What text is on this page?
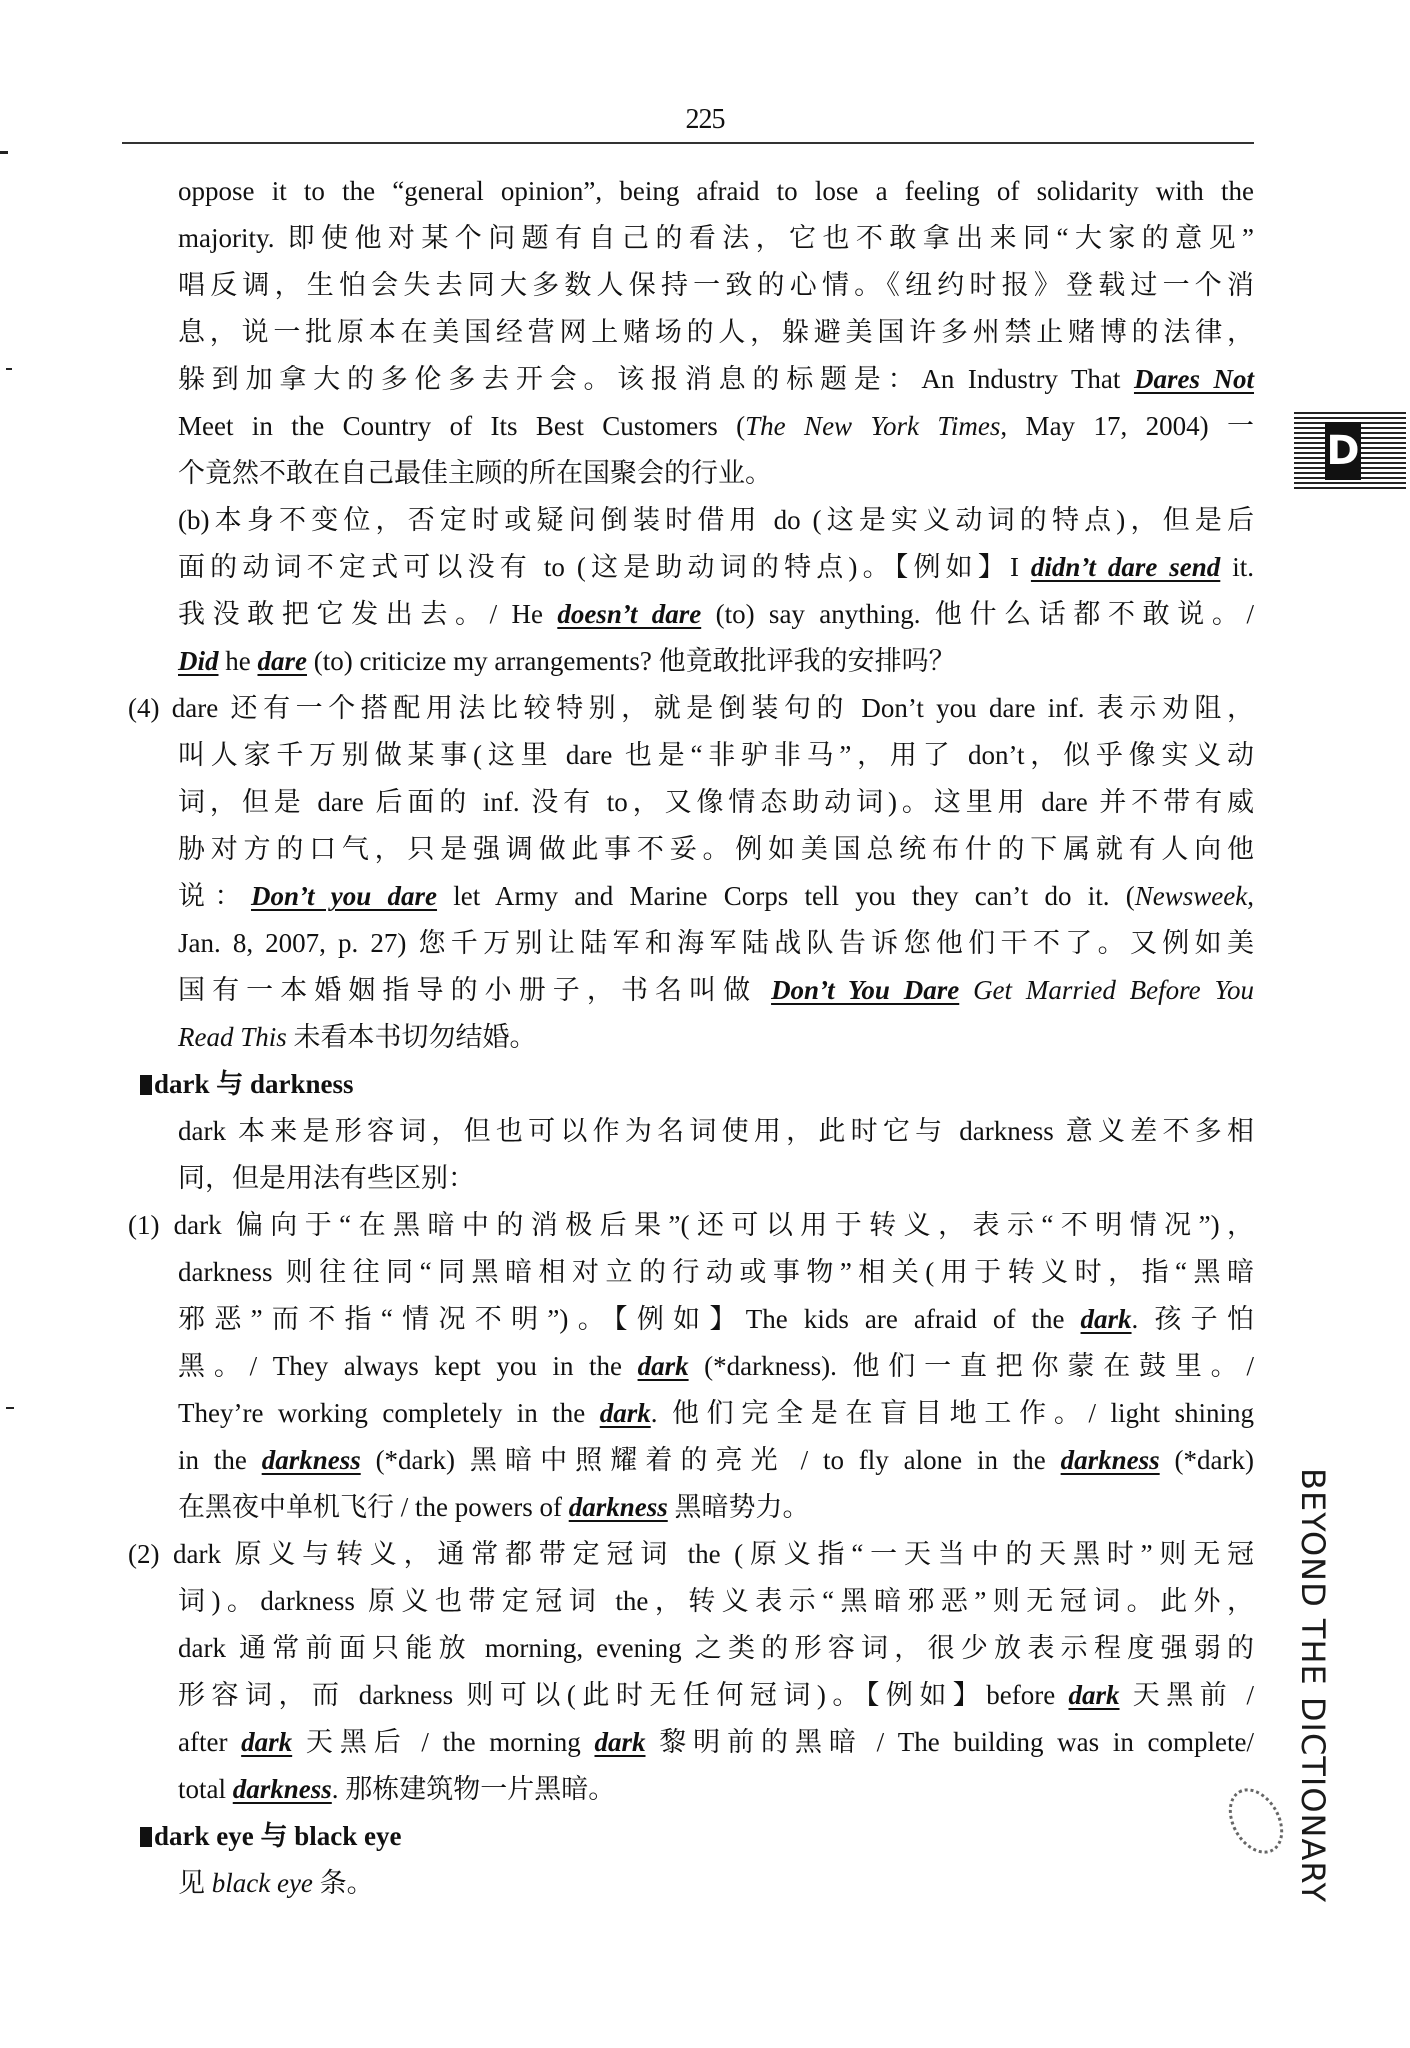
225
D
BEYOND THE DICTIONARY
oppose it to the “general opinion”, being afraid to lose a feeling of solidarity with the
majority. 即使他对某个问题有自己的看法，它也不敢拿出来同“大家的意见”
唱反调，生怕会失去同大多数人保持一致的心情。《纽约时报》登载过一个消
息，说一批原本在美国经营网上赌场的人，躲避美国许多州禁止赌博的法律，
躲到加拿大的多伦多去开会。该报消息的标题是：An Industry That Dares Not
Meet in the Country of Its Best Customers (The New York Times, May 17, 2004) 一
个竟然不敢在自己最佳主顾的所在国聚会的行业。
(b)本身不变位，否定时或疑问倒装时借用 do (这是实义动词的特点)，但是后
面的动词不定式可以没有 to (这是助动词的特点)。【例如】I didn’t dare send it.
我没敢把它发出去。/ He doesn’t dare (to) say anything. 他什么话都不敢说。/
Did he dare (to) criticize my arrangements? 他竟敢批评我的安排吗？
(4) dare 还有一个搭配用法比较特别，就是倒装句的 Don’t you dare inf. 表示劝阻，
叫人家千万别做某事(这里 dare 也是“非驴非马”，用了 don’t，似乎像实义动
词，但是 dare 后面的 inf. 没有 to，又像情态助动词)。这里用 dare 并不带有威
胁对方的口气，只是强调做此事不妥。例如美国总统布什的下属就有人向他
说：Don’t you dare let Army and Marine Corps tell you they can’t do it. (Newsweek,
Jan. 8, 2007, p. 27) 您千万别让陆军和海军陆战队告诉您他们干不了。又例如美
国有一本婚姻指导的小册子，书名叫做 Don’t You Dare Get Married Before You
Read This 未看本书切勿结婚。
dark 与 darkness
dark 本来是形容词，但也可以作为名词使用，此时它与 darkness 意义差不多相
同，但是用法有些区别：
(1) dark 偏向于“在黑暗中的消极后果”(还可以用于转义，表示“不明情况”)，
darkness 则往往同“同黑暗相对立的行动或事物”相关(用于转义时，指“黑暗
邪恶”而不指“情况不明”)。【例如】The kids are afraid of the dark. 孩子怕
黑。/ They always kept you in the dark (*darkness). 他们一直把你蒙在鼓里。/
They’re working completely in the dark. 他们完全是在盲目地工作。/ light shining
in the darkness (*dark) 黑暗中照耀着的亮光 / to fly alone in the darkness (*dark)
在黑夜中单机飞行 / the powers of darkness 黑暗势力。
(2) dark 原义与转义，通常都带定冠词 the (原义指“一天当中的天黑时”则无冠
词)。darkness 原义也带定冠词 the，转义表示“黑暗邪恶”则无冠词。此外，
dark 通常前面只能放 morning, evening 之类的形容词，很少放表示程度强弱的
形容词，而 darkness 则可以(此时无任何冠词)。【例如】before dark 天黑前 /
after dark 天黑后 / the morning dark 黎明前的黑暗 / The building was in complete/
total darkness. 那栋建筑物一片黑暗。
dark eye 与 black eye
见 black eye 条。
